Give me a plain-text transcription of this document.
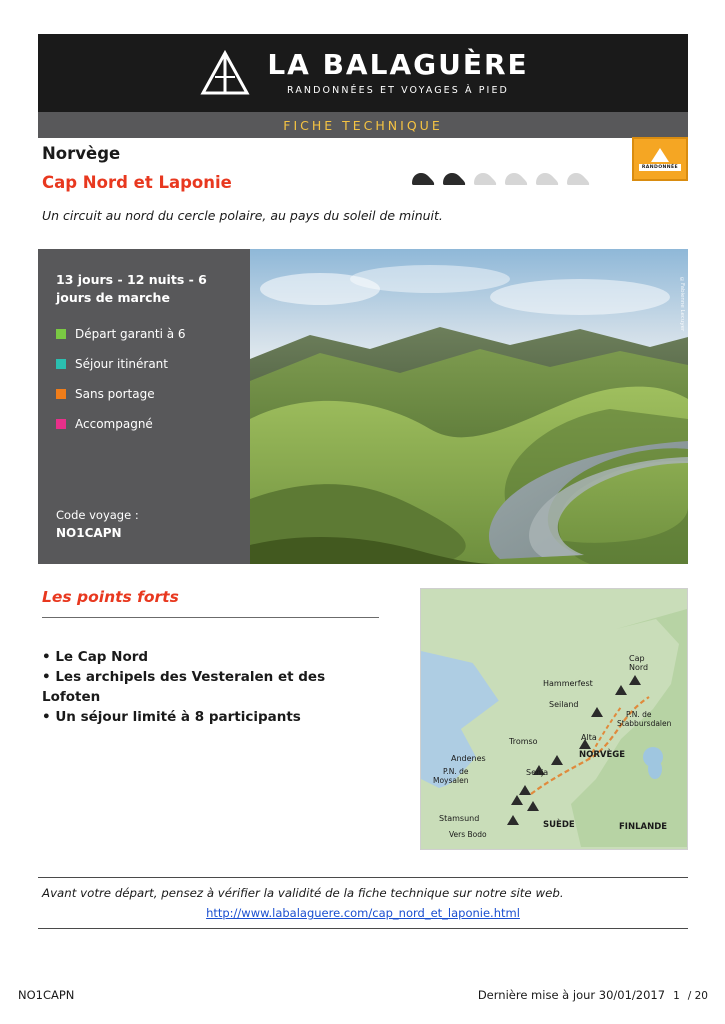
LA BALAGUÈRE
RANDONNÉES ET VOYAGES À PIED
FICHE TECHNIQUE
Norvège
Cap Nord et Laponie
RANDONNÉE
Un circuit au nord du cercle polaire, au pays du soleil de minuit.
13 jours - 12 nuits - 6 jours de marche
Départ garanti à 6
Séjour itinérant
Sans portage
Accompagné
Code voyage :
NO1CAPN
©Fabienne Lecuyer
Les points forts
• Le Cap Nord
• Les archipels des Vesteralen et des Lofoten
• Un séjour limité à 8 participants
Cap
Nord
Hammerfest
Seiland
P.N. de
Stabbursdalen
Alta
Tromso
NORVÈGE
Andenes
P.N. de
Moysalen
Senja
Stamsund
Vers Bodo
SUÈDE	FINLANDE
Avant votre départ, pensez à vérifier la validité de la fiche technique sur notre site web.
http://www.labalaguere.com/cap_nord_et_laponie.html
NO1CAPN	Dernière mise à jour 30/01/2017 1 / 20
